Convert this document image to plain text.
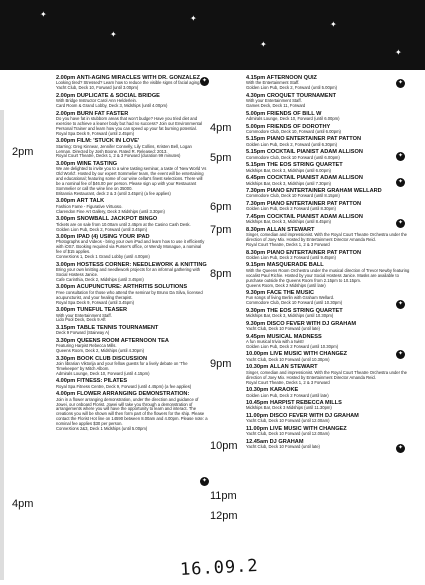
✦
✦
✦
✦
✦
✦
2pm
4pm
4pm
5pm
6pm
7pm
8pm
9pm
10pm
11pm
12pm
✦	✦
✦
✦
✦
✦
✦
✦
✦
2.00pm ANTI-AGING MIRACLES WITH DR. GONZALEZ
Looking tired? Stressed? Learn how to reduce the visible signs of facial aging.
Yacht Club, Deck 10, Forward (until 3.00pm)
2.00pm DUPLICATE & SOCIAL BRIDGE
With Bridge Instructor Carol Ann Helderlein.
Card Room & Grand Lobby, Deck 3, Midships (until 4.00pm)
2.00pm BURN FAT FASTER
Do you have fat in stubborn areas that won't budge? Have you tried diet and exercise to achieve a leaner body but had no success? Join our Environmental Personal Trainer and learn how you can speed up your fat burning potential.
Royal Spa Deck 9, Forward (until 2.45pm)
3.00pm FILM: 'STUCK IN LOVE'
Starring: Greg Kinnear, Jennifer Connelly, Lily Collins, Kristen Bell, Logan Lerman. Directed by Josh Boone. Rated R. Released: 2013.
Royal Court Theatre, Decks 1, 2 & 3 Forward (duration 99 minutes)
3.00pm WINE TASTING
We are delighted to invite you to a wine tasting seminar, a taste of 'New World Vs Old World'. Hosted by our expert Sommelier team, the event will be entertaining and educational; featuring some of our wine cellar's finest selections. There will be a nominal fee of $46.00 per person. Please sign up with your Restaurant Sommelier or call the wine line on 35000.
Britannia Restaurant, deck 2 & 3 (until 3.45pm) (a fee applies)
3.00pm ART TALK
Fashion Fame - Figurative Virtuoso.
Clarendon Fine Art Gallery, Deck 3 Midships (until 3.30pm)
3.00pm SNOWBALL JACKPOT BINGO
Tickets are on sale from 10.00am until 2.45pm at the Casino Cash Desk.
Golden Lion Pub, Deck 2, Forward (until 3.45pm)
3.00pm IPAD (4) USING YOUR IPAD
Photographs and Videos - bring your own iPad and learn how to use it efficiently with iOS7. Booking required via Purser's office, or Wendy Monague, a nominal fee of $15 applies.
ConneXions 1, Deck 1 Grand Lobby (until 4.00pm)
3.00pm HOSTESS CORNER: NEEDLEWORK & KNITTING
Bring your own knitting and needlework projects for an informal gathering with Social Hostess Janice.
Cafe Carinthia, Deck 2, Midships (until 3.45pm)
3.00pm ACUPUNCTURE: ARTHRITIS SOLUTIONS
Free consultation for those who attend the seminar by Bruno Da Silva, licensed acupuncturist, and your healing therapist.
Royal Spa Deck 9, Forward (until 3.45pm)
3.00pm TUNEFUL TEASER
With your Entertainment Staff.
Lido Pool Deck, Deck 9 Aft
3.15pm TABLE TENNIS TOURNAMENT
Deck 9 Forward (Stairway A)
3.30pm QUEENS ROOM AFTERNOON TEA
Featuring Harpist Rebecca Mills.
Queens Room, Deck 2, Midships (until 4.30pm)
3.30pm BOOK CLUB DISCUSSION
Join librarian Viktorija and your fellow guests for a lively debate on 'The Timekeeper' by Mitch Albom.
Admirals Lounge, Deck 10, Forward (until 4.15pm)
4.00pm FITNESS: PILATES
Royal Spa Fitness Centre, Deck 9, Forward (until 4.45pm) (a fee applies)
4.00pm FLOWER ARRANGING DEMONSTRATION:
Join in a flower arranging demonstration, under the direction and guidance of Jowei, our onboard Florist. Jowei will take you through a demonstration of arrangements where you will have the opportunity to learn and interact. The creations you will be shown will then form part of the flowers for the ship. Please contact the Florist Hot line on 14590 between 8.00am and 4.00pm. Please note: a nominal fee applies $30 per person.
ConneXions 2&3, Deck 1 Midships (until 5.00pm)
4.15pm AFTERNOON QUIZ
With the Entertainment Staff.
Golden Lion Pub, Deck 2, Forward (until 5.00pm)
4.30pm CROQUET TOURNAMENT
With your Entertainment Staff.
Games Deck, Deck 11, Forward
5.00pm FRIENDS OF BILL W
Admirals Lounge, Deck 10, Forward (until 6.00pm)
5.00pm FRIENDS OF DOROTHY
Commodore Club, Deck 10, Forward (until 6.00pm)
5.15pm PIANO ENTERTAINER PAT PATTON
Golden Lion Pub, Deck 2, Forward (until 6.30pm)
5.15pm COCKTAIL PIANIST ADAM ALLISON
Commodore Club, Deck 10 Forward (until 6.00pm)
5.15pm THE EOS STRING QUARTET
Midships Bar, Deck 3, Midships (until 6.00pm)
6.45pm COCKTAIL PIANIST ADAM ALLISON
Midships Bar, Deck 3, Midships (until 7.30pm)
7.30pm PIANO ENTERTAINER GRAHAM WELLARD
Commodore Club, Deck 10 Forward (until 8.15pm)
7.30pm PIANO ENTERTAINER PAT PATTON
Golden Lion Pub, Deck 2 Forward (until 8.30pm)
7.45pm COCKTAIL PIANIST ADAM ALLISON
Midships Bar, Deck 3, Midships (until 8.45pm)
8.30pm ALLAN STEWART
Singer, comedian and impressionist. With the Royal Court Theatre Orchestra under the direction of Joey Mix. Hosted by Entertainment Director Amanda Reid.
Royal Court Theatre, Decks 1, 2 & 3 Forward
8.30pm PIANO ENTERTAINER PAT PATTON
Golden Lion Pub, Deck 2 Forward (until 9.45pm)
9.15pm MASQUERADE BALL
With the Queens Room Orchestra under the musical direction of Trevor Newby featuring vocalist Paul Richie. Hosted by your Social Hostess Janice. Masks are available to purchase outside the Queens Room from 2.15pm to 10.15pm.
Queens Room, Deck 2 Midships (until late)
9.30pm FACE THE MUSIC
Fun songs of living Berlin with Graham Wellard.
Commodore Club, Deck 10 Forward (until 10.30pm)
9.30pm THE EOS STRING QUARTET
Midships Bar, Deck 3, Midships (until 10.30pm)
9.30pm DISCO FEVER WITH DJ GRAHAM
Yacht Club, Deck 10 Forward (until late)
9.45pm MUSICAL MADNESS
A fun musical trivia with a twist!
Golden Lion Pub, Deck 2 Forward (until 10.30pm)
10.00pm LIVE MUSIC WITH CHANGEZ
Yacht Club, Deck 10 Forward (until 10.30pm)
10.30pm ALLAN STEWART
Singer, comedian and impressionist. With the Royal Court Theatre Orchestra under the direction of Joey Mix. Hosted by Entertainment Director Amanda Reid.
Royal Court Theatre, Decks 1, 2 & 3 Forward
10.30pm KARAOKE
Golden Lion Pub, Deck 2 Forward (until late)
10.45pm HARPIST REBECCA MILLS
Midships Bar, Deck 3 Midships (until 11.30pm)
11.00pm DISCO FEVER WITH DJ GRAHAM
Yacht Club, Deck 10 Forward (until 12.00am)
11.00pm LIVE MUSIC WITH CHANGEZ
Yacht Club, Deck 10 Forward (until 12.00am)
12.45am DJ GRAHAM
Yacht Club, Deck 10 Forward (until late)
16.09.2
